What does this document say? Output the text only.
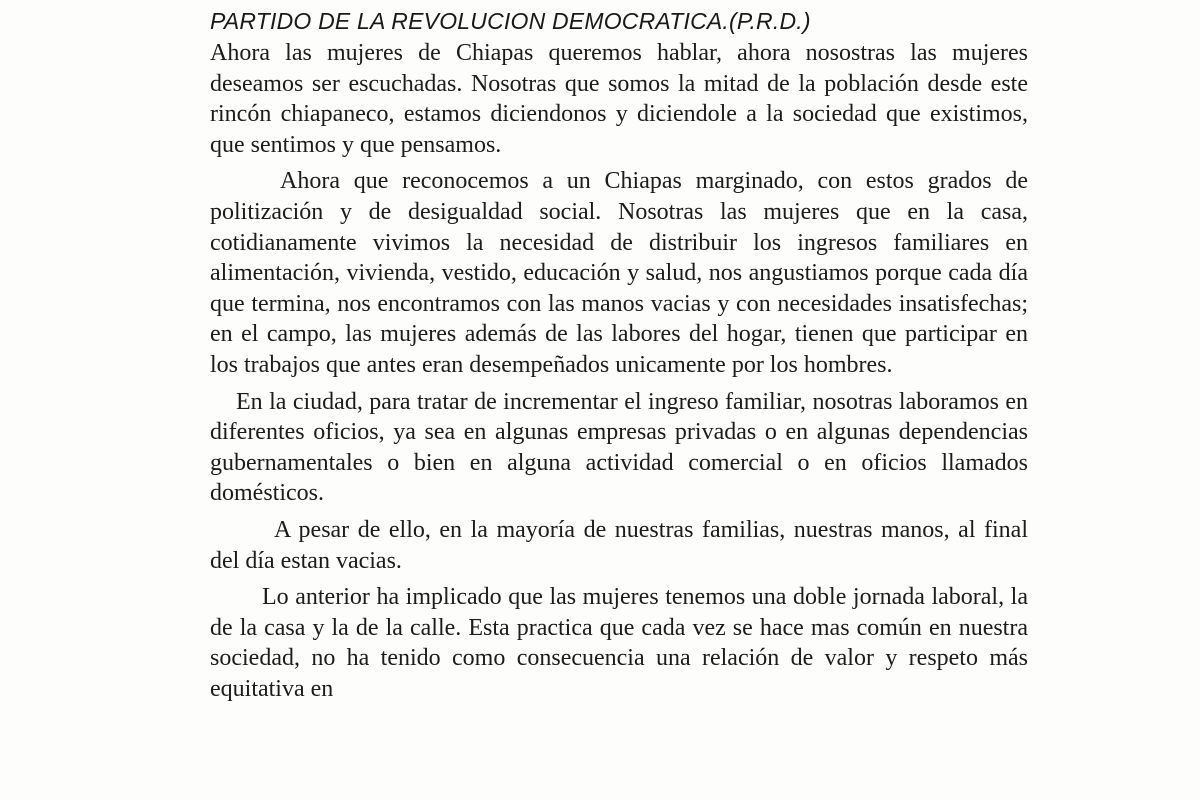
PARTIDO DE LA REVOLUCION DEMOCRATICA.(P.R.D.)

Ahora las mujeres de Chiapas queremos hablar, ahora nosostras las mujeres deseamos ser escuchadas. Nosotras que somos la mitad de la población desde este rincón chiapaneco, estamos diciendonos y diciendole a la sociedad que existimos, que sentimos y que pensamos.

Ahora que reconocemos a un Chiapas marginado, con estos grados de politización y de desigualdad social. Nosotras las mujeres que en la casa, cotidianamente vivimos la necesidad de distribuir los ingresos familiares en alimentación, vivienda, vestido, educación y salud, nos angustiamos porque cada día que termina, nos encontramos con las manos vacias y con necesidades insatisfechas; en el campo, las mujeres además de las labores del hogar, tienen que participar en los trabajos que antes eran desempeñados unicamente por los hombres.

En la ciudad, para tratar de incrementar el ingreso familiar, nosotras laboramos en diferentes oficios, ya sea en algunas empresas privadas o en algunas dependencias gubernamentales o bien en alguna actividad comercial o en oficios llamados domésticos.

A pesar de ello, en la mayoría de nuestras familias, nuestras manos, al final del día estan vacias.

Lo anterior ha implicado que las mujeres tenemos una doble jornada laboral, la de la casa y la de la calle. Esta practica que cada vez se hace mas común en nuestra sociedad, no ha tenido como consecuencia una relación de valor y respeto más equitativa en
